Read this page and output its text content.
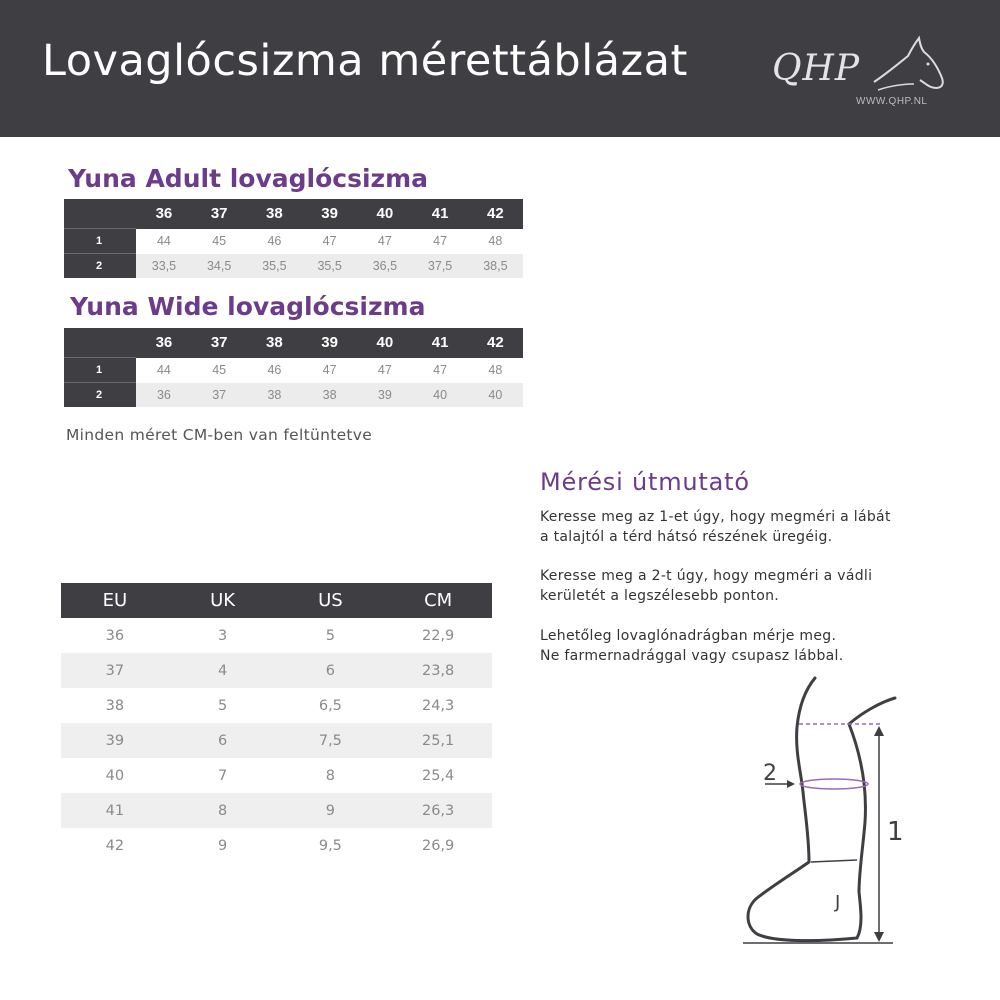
Lovaglócsizma mérettáblázat QHP
WWW.QHP.NL
Yuna Adult lovaglócsizma
	36	37	38	39	40	41	42
1	44	45	46	47	47	47	48
2	33,5	34,5	35,5	35,5	36,5	37,5	38,5
Yuna Wide lovaglócsizma
	36	37	38	39	40	41	42
1	44	45	46	47	47	47	48
2	36	37	38	38	39	40	40

Minden méret CM-ben van feltüntetve

EU	UK	US	CM
36	3	5	22,9
37	4	6	23,8
38	5	6,5	24,3
39	6	7,5	25,1
40	7	8	25,4
41	8	9	26,3
42	9	9,5	26,9
Mérési útmutató

Keresse meg az 1-et úgy, hogy megméri a lábát
a talajtól a térd hátsó részének üregéig.

Keresse meg a 2-t úgy, hogy megméri a vádli
kerületét a legszélesebb ponton.

Lehetőleg lovaglónadrágban mérje meg.
Ne farmernadrággal vagy csupasz lábbal.

2
1
J
